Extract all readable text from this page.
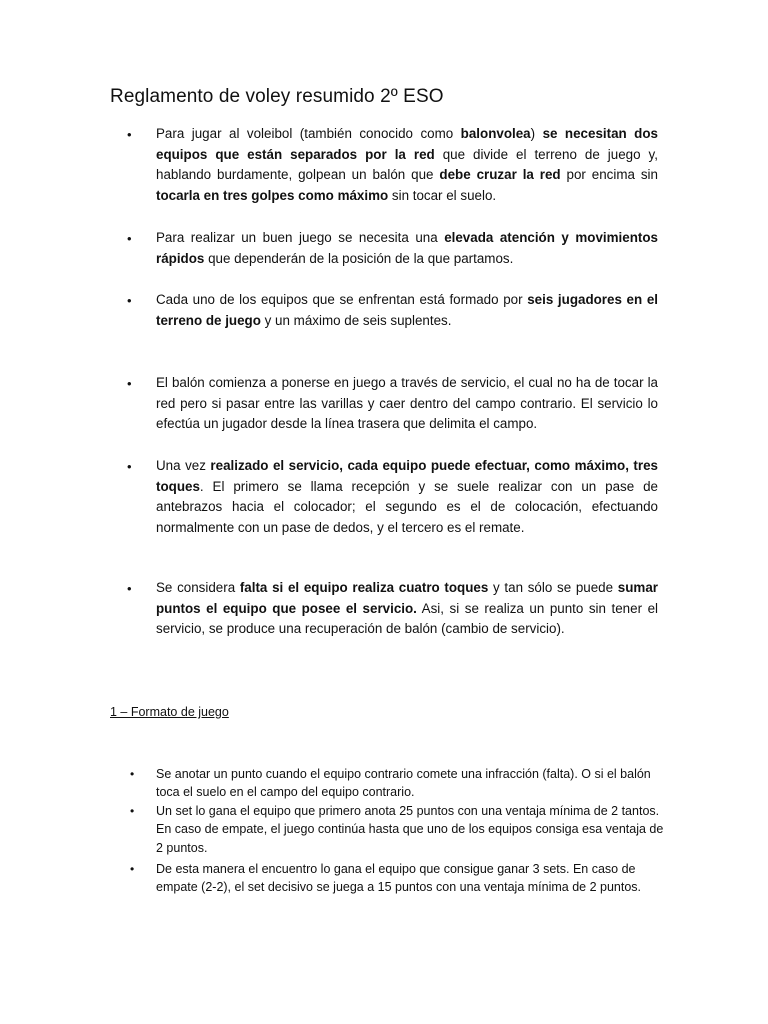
Reglamento de voley resumido 2º ESO
• Para jugar al voleibol (también conocido como balonvolea) se necesitan dos equipos que están separados por la red que divide el terreno de juego y, hablando burdamente, golpean un balón que debe cruzar la red por encima sin tocarla en tres golpes como máximo sin tocar el suelo.

• Para realizar un buen juego se necesita una elevada atención y movimientos rápidos que dependerán de la posición de la que partamos.

• Cada uno de los equipos que se enfrentan está formado por seis jugadores en el terreno de juego y un máximo de seis suplentes.

• El balón comienza a ponerse en juego a través de servicio, el cual no ha de tocar la red pero si pasar entre las varillas y caer dentro del campo contrario. El servicio lo efectúa un jugador desde la línea trasera que delimita el campo.

• Una vez realizado el servicio, cada equipo puede efectuar, como máximo, tres toques. El primero se llama recepción y se suele realizar con un pase de antebrazos hacia el colocador; el segundo es el de colocación, efectuando normalmente con un pase de dedos, y el tercero es el remate.

• Se considera falta si el equipo realiza cuatro toques y tan sólo se puede sumar puntos el equipo que posee el servicio. Asi, si se realiza un punto sin tener el servicio, se produce una recuperación de balón (cambio de servicio).

1 – Formato de juego
• Se anotar un punto cuando el equipo contrario comete una infracción (falta). O si el balón toca el suelo en el campo del equipo contrario.

• Un set lo gana el equipo que primero anota 25 puntos con una ventaja mínima de 2 tantos. En caso de empate, el juego continúa hasta que uno de los equipos consiga esa ventaja de 2 puntos.

• De esta manera el encuentro lo gana el equipo que consigue ganar 3 sets. En caso de empate (2-2), el set decisivo se juega a 15 puntos con una ventaja mínima de 2 puntos.
